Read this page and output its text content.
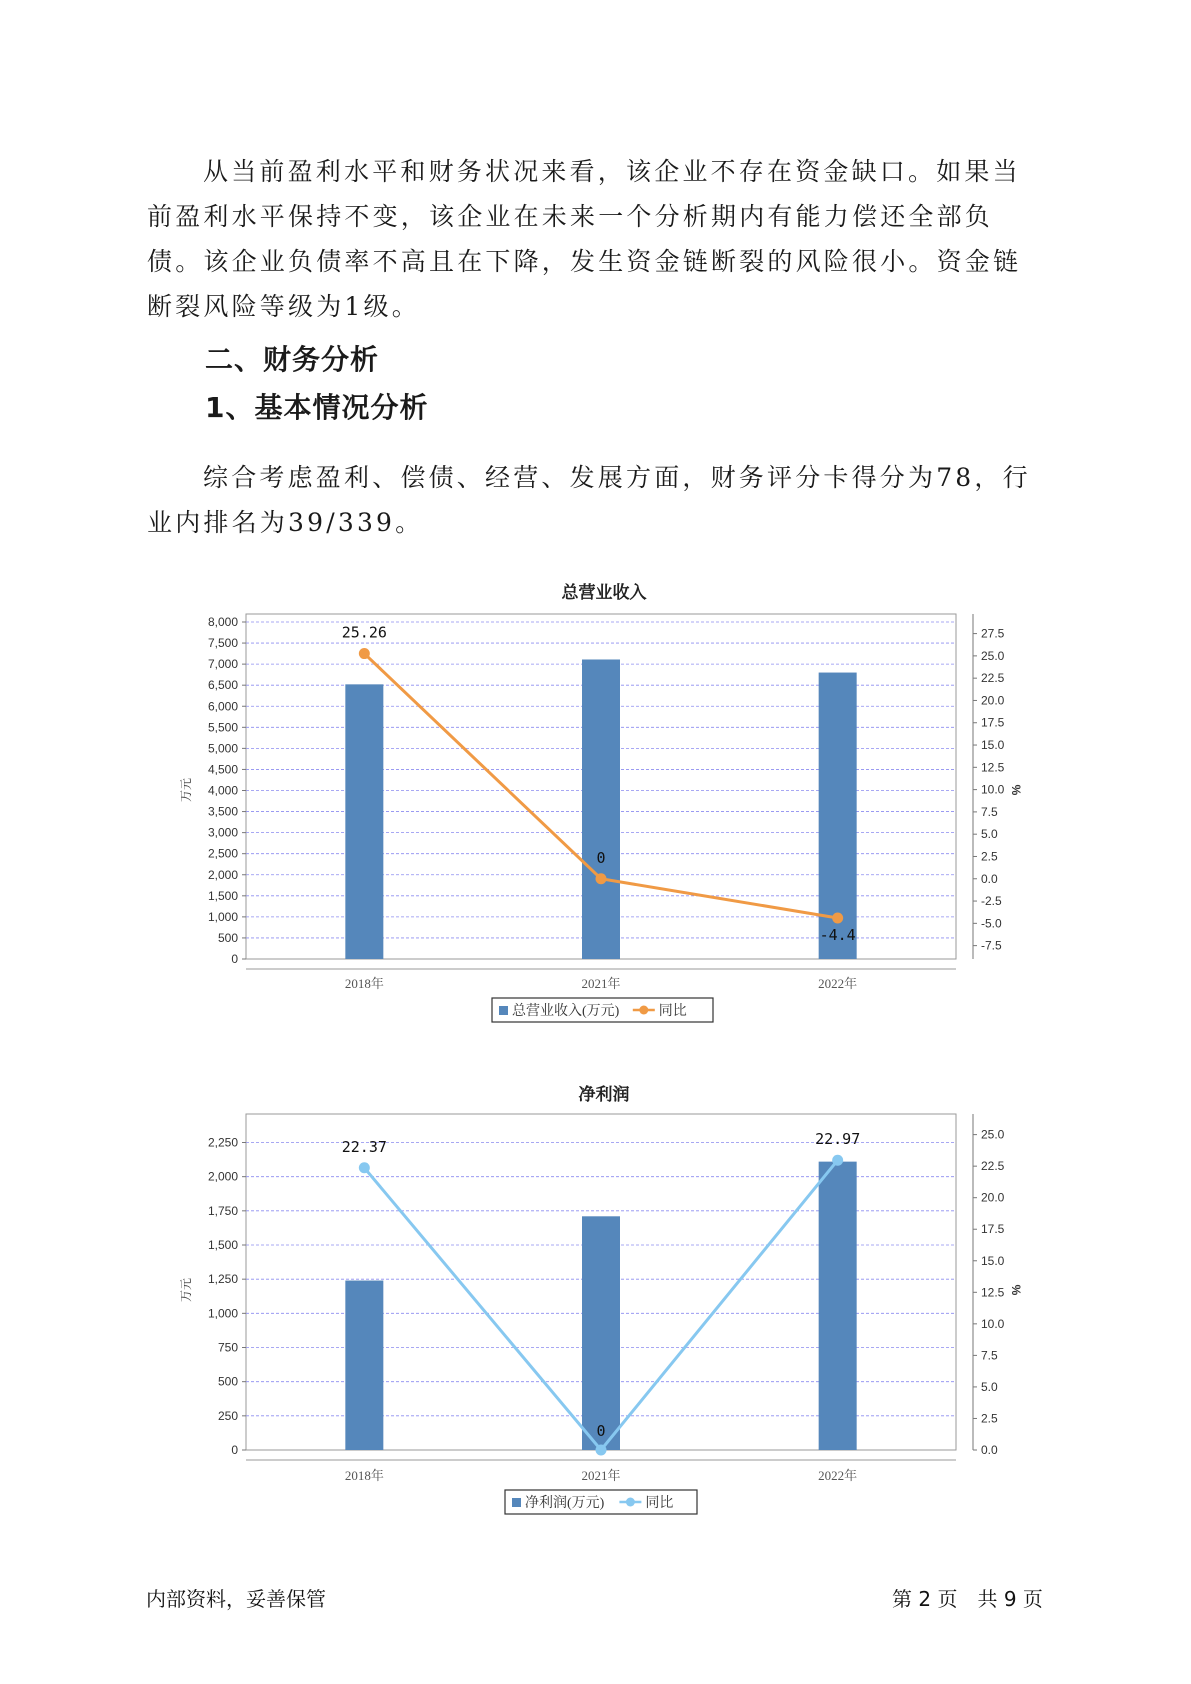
从当前盈利水平和财务状况来看，该企业不存在资金缺口。如果当前盈利水平保持不变，该企业在未来一个分析期内有能力偿还全部负债。该企业负债率不高且在下降，发生资金链断裂的风险很小。资金链断裂风险等级为1级。

二、财务分析
1、基本情况分析

综合考虑盈利、偿债、经营、发展方面，财务评分卡得分为78，行业内排名为39/339。

总营业收入
0
500
1,000
1,500
2,000
2,500
3,000
3,500
4,000
4,500
5,000
5,500
6,000
6,500
7,000
7,500
8,000
-7.5
-5.0
-2.5
0.0
2.5
5.0
7.5
10.0
12.5
15.0
17.5
20.0
22.5
25.0
27.5
万元	%
2018年	2021年	2022年
25.26
0
-4.4
总营业收入(万元)	同比
净利润
0
250
500
750
1,000
1,250
1,500
1,750
2,000
2,250
0.0
2.5
5.0
7.5
10.0
12.5
15.0
17.5
20.0
22.5
25.0
万元	%
2018年	2021年	2022年
22.37
0
22.97
净利润(万元)	同比
内部资料，妥善保管	第 2 页　共 9 页
